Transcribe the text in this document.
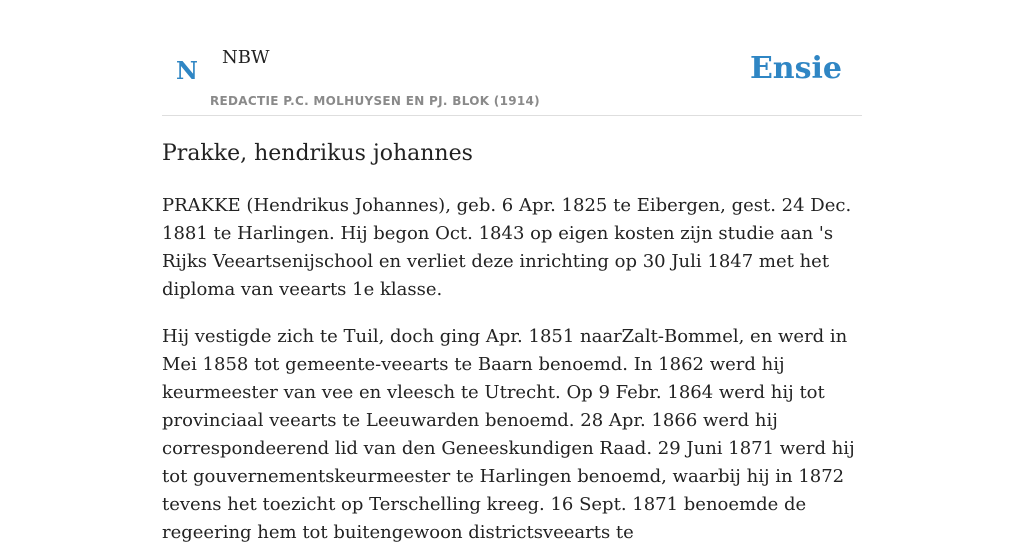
N NBW
REDACTIE P.C. MOLHUYSEN EN PJ. BLOK (1914)
Ensie
Prakke, hendrikus johannes

PRAKKE (Hendrikus Johannes), geb. 6 Apr. 1825 te Eibergen, gest. 24 Dec. 1881 te Harlingen. Hij begon Oct. 1843 op eigen kosten zijn studie aan 's Rijks Veeartsenijschool en verliet deze inrichting op 30 Juli 1847 met het diploma van veearts 1e klasse.

Hij vestigde zich te Tuil, doch ging Apr. 1851 naarZalt-Bommel, en werd in Mei 1858 tot gemeente-veearts te Baarn benoemd. In 1862 werd hij keurmeester van vee en vleesch te Utrecht. Op 9 Febr. 1864 werd hij tot provinciaal veearts te Leeuwarden benoemd. 28 Apr. 1866 werd hij correspondeerend lid van den Geneeskundigen Raad. 29 Juni 1871 werd hij tot gouvernementskeurmeester te Harlingen benoemd, waarbij hij in 1872 tevens het toezicht op Terschelling kreeg. 16 Sept. 1871 benoemde de regeering hem tot buitengewoon districtsveearts te
